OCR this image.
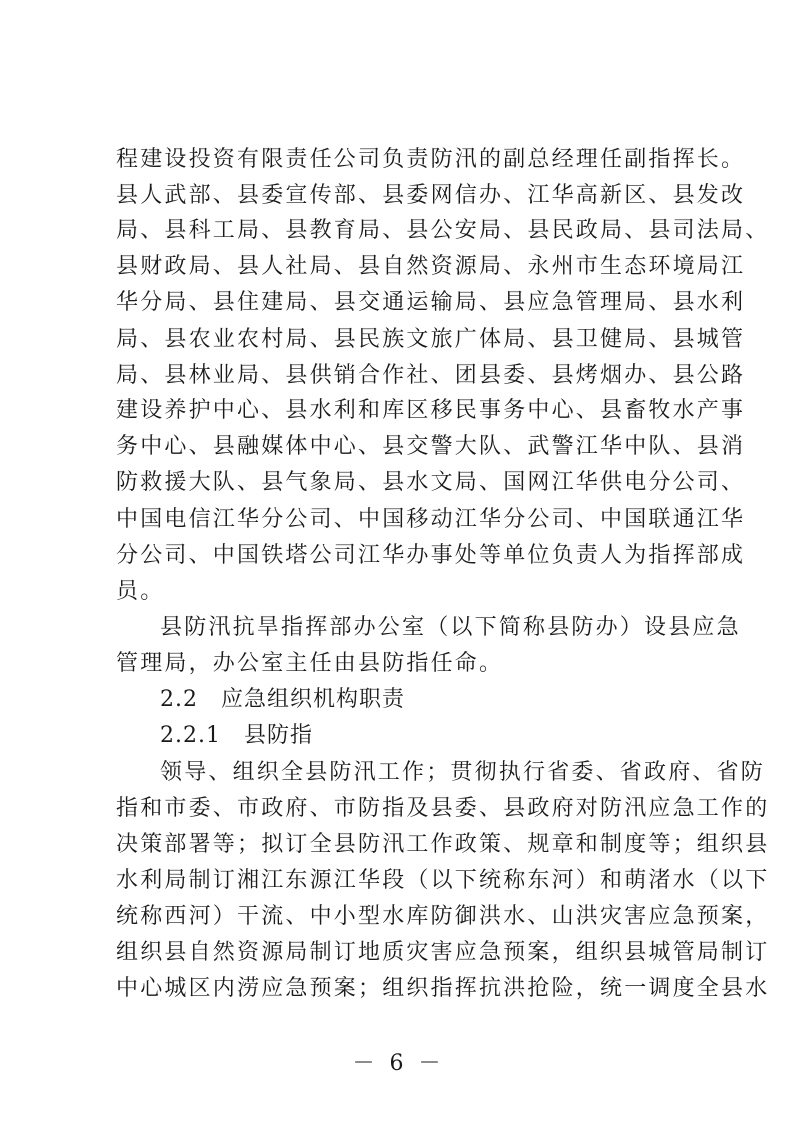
程建设投资有限责任公司负责防汛的副总经理任副指挥长。
县人武部、县委宣传部、县委网信办、江华高新区、县发改
局、县科工局、县教育局、县公安局、县民政局、县司法局、
县财政局、县人社局、县自然资源局、永州市生态环境局江
华分局、县住建局、县交通运输局、县应急管理局、县水利
局、县农业农村局、县民族文旅广体局、县卫健局、县城管
局、县林业局、县供销合作社、团县委、县烤烟办、县公路
建设养护中心、县水利和库区移民事务中心、县畜牧水产事
务中心、县融媒体中心、县交警大队、武警江华中队、县消
防救援大队、县气象局、县水文局、国网江华供电分公司、
中国电信江华分公司、中国移动江华分公司、中国联通江华
分公司、中国铁塔公司江华办事处等单位负责人为指挥部成
员。
县防汛抗旱指挥部办公室（以下简称县防办）设县应急
管理局，办公室主任由县防指任命。
2.2　应急组织机构职责
2.2.1　县防指
领导、组织全县防汛工作；贯彻执行省委、省政府、省防
指和市委、市政府、市防指及县委、县政府对防汛应急工作的
决策部署等；拟订全县防汛工作政策、规章和制度等；组织县
水利局制订湘江东源江华段（以下统称东河）和萌渚水（以下
统称西河）干流、中小型水库防御洪水、山洪灾害应急预案，
组织县自然资源局制订地质灾害应急预案，组织县城管局制订
中心城区内涝应急预案；组织指挥抗洪抢险，统一调度全县水
－ 6 －
